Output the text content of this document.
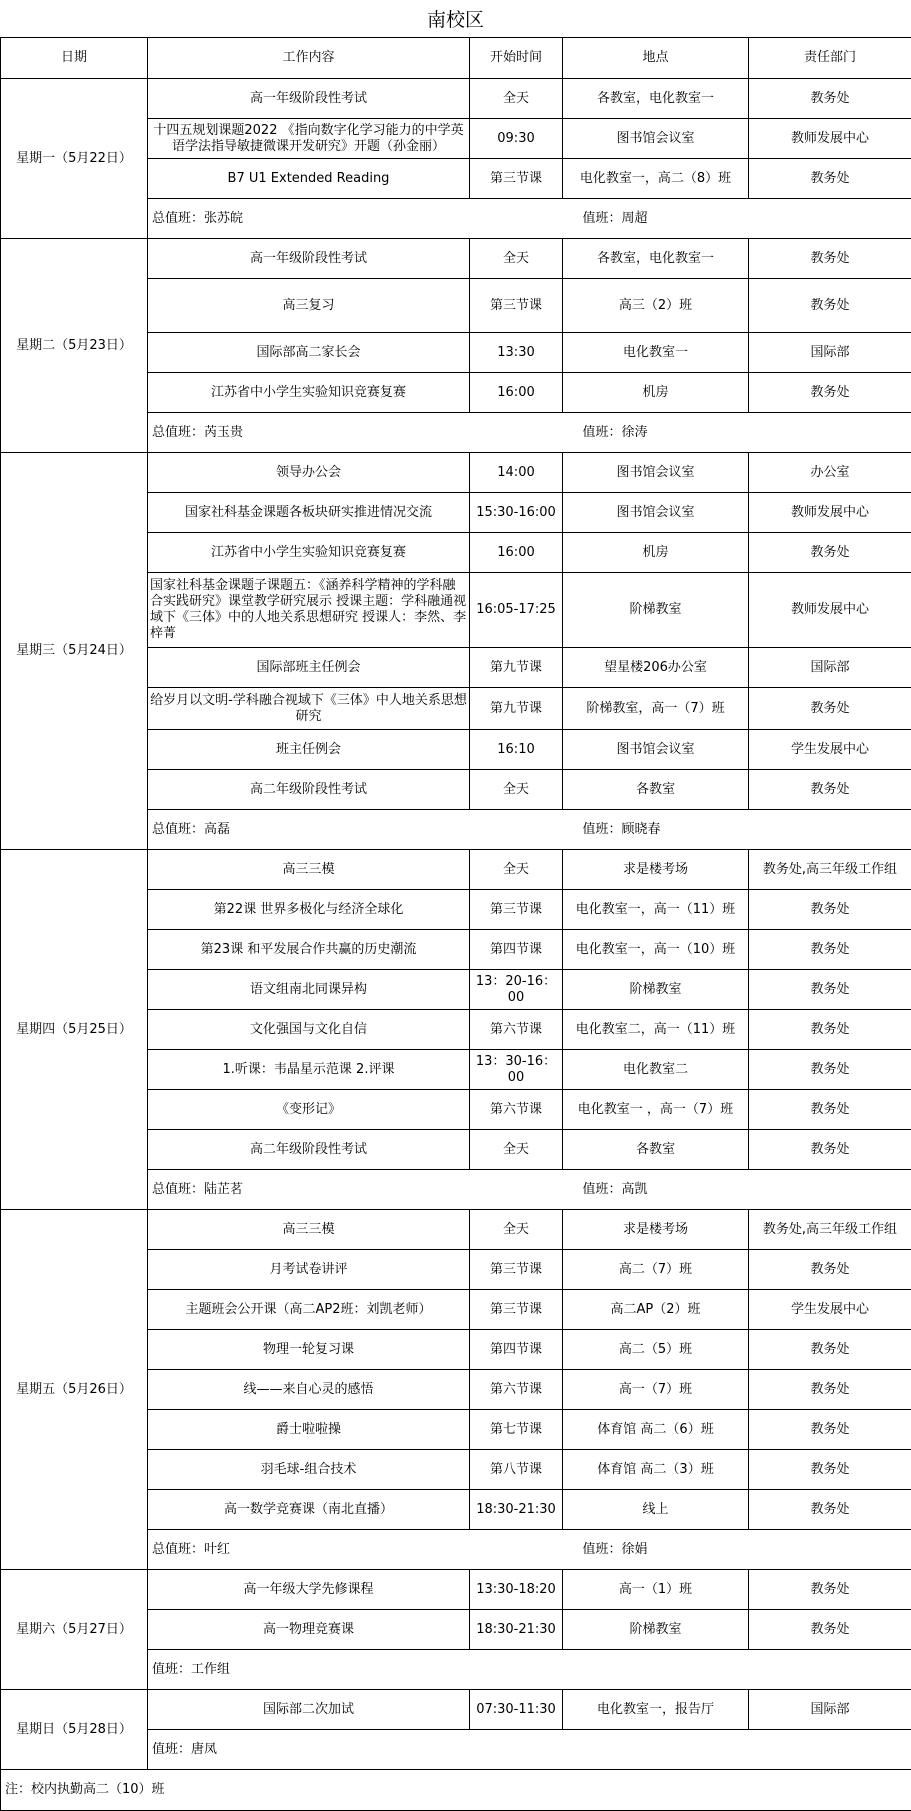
南校区
日期	工作内容	开始时间	地点	责任部门	
星期一（5月22日）	高一年级阶段性考试	全天	各教室，电化教室一	教务处	
	十四五规划课题2022 《指向数字化学习能力的中学英语学法指导敏捷微课开发研究》开题（孙金丽）	09:30	图书馆会议室	教师发展中心	
	B7 U1 Extended Reading	第三节课	电化教室一，高二（8）班	教务处	
	总值班：张苏皖		值班：周超		
星期二（5月23日）	高一年级阶段性考试	全天	各教室，电化教室一	教务处	
	高三复习	第三节课	高三（2）班	教务处	
	国际部高二家长会	13:30	电化教室一	国际部	
	江苏省中小学生实验知识竞赛复赛	16:00	机房	教务处	
	总值班：芮玉贵		值班：徐涛		
星期三（5月24日）	领导办公会	14:00	图书馆会议室	办公室	
	国家社科基金课题各板块研实推进情况交流	15:30-16:00	图书馆会议室	教师发展中心	
	江苏省中小学生实验知识竞赛复赛	16:00	机房	教务处	
	国家社科基金课题子课题五：《涵养科学精神的学科融合实践研究》课堂教学研究展示 授课主题：学科融通视域下《三体》中的人地关系思想研究 授课人：李然、李梓菁	16:05-17:25	阶梯教室	教师发展中心	
	国际部班主任例会	第九节课	望星楼206办公室	国际部	
	给岁月以文明-学科融合视域下《三体》中人地关系思想研究	第九节课	阶梯教室，高一（7）班	教务处	
	班主任例会	16:10	图书馆会议室	学生发展中心	
	高二年级阶段性考试	全天	各教室	教务处	
	总值班：高磊		值班：顾晓春		
星期四（5月25日）	高三三模	全天	求是楼考场	教务处,高三年级工作组	
	第22课 世界多极化与经济全球化	第三节课	电化教室一，高一（11）班	教务处	
	第23课 和平发展合作共赢的历史潮流	第四节课	电化教室一，高一（10）班	教务处	
	语文组南北同课异构	13：20-16：00	阶梯教室	教务处	
	文化强国与文化自信	第六节课	电化教室二，高一（11）班	教务处	
	1.听课：韦晶星示范课 2.评课	13：30-16：00	电化教室二	教务处	
	《变形记》	第六节课	电化教室一 ，高一（7）班	教务处	
	高二年级阶段性考试	全天	各教室	教务处	
	总值班：陆芷茗		值班：高凯		
星期五（5月26日）	高三三模	全天	求是楼考场	教务处,高三年级工作组	
	月考试卷讲评	第三节课	高二（7）班	教务处	
	主题班会公开课（高二AP2班：刘凯老师）	第三节课	高二AP（2）班	学生发展中心	
	物理一轮复习课	第四节课	高二（5）班	教务处	
	线——来自心灵的感悟	第六节课	高一（7）班	教务处	
	爵士啦啦操	第七节课	体育馆 高二（6）班	教务处	
	羽毛球-组合技术	第八节课	体育馆 高二（3）班	教务处	
	高一数学竞赛课（南北直播）	18:30-21:30	线上	教务处	
	总值班：叶红		值班：徐娟		
星期六（5月27日）	高一年级大学先修课程	13:30-18:20	高一（1）班	教务处	
	高一物理竞赛课	18:30-21:30	阶梯教室	教务处	
	值班：工作组				
星期日（5月28日）	国际部二次加试	07:30-11:30	电化教室一，报告厅	国际部	
	值班：唐凤				
注：校内执勤高二（10）班					
